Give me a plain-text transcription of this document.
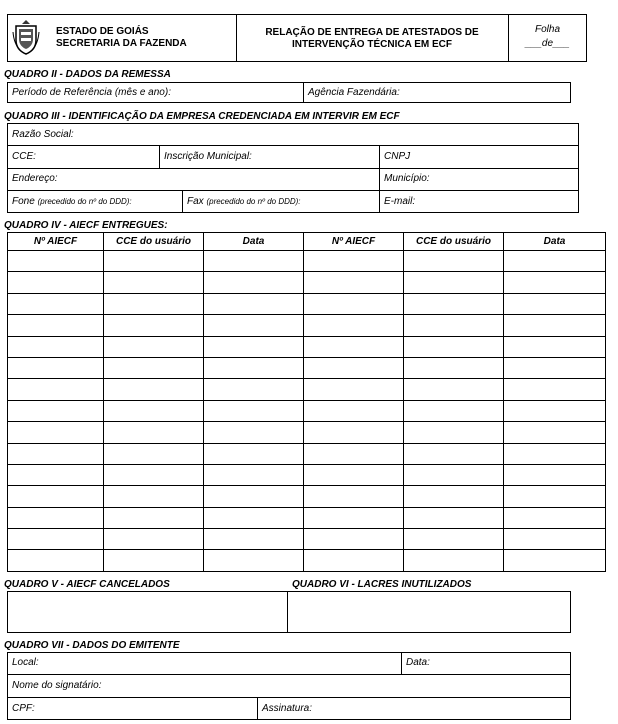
ESTADO DE GOIÁS
SECRETARIA DA FAZENDA
RELAÇÃO DE ENTREGA DE ATESTADOS DE
INTERVENÇÃO TÉCNICA EM ECF
Folha
___de___
QUADRO II - DADOS DA REMESSA
Período de Referência (mês e ano):	Agência Fazendária:
QUADRO III - IDENTIFICAÇÃO DA EMPRESA CREDENCIADA EM INTERVIR EM ECF
Razão Social:
CCE:	Inscrição Municipal:	CNPJ
Endereço:	Município:
Fone (precedido do nº do DDD):	Fax (precedido do nº do DDD):	E-mail:
QUADRO IV - AIECF ENTREGUES:
Nº AIECF	CCE do usuário	Data	Nº AIECF	CCE do usuário	Data

QUADRO V - AIECF CANCELADOS	QUADRO VI - LACRES INUTILIZADOS
QUADRO VII - DADOS DO EMITENTE
Local:	Data:
Nome do signatário:
CPF:	Assinatura:
